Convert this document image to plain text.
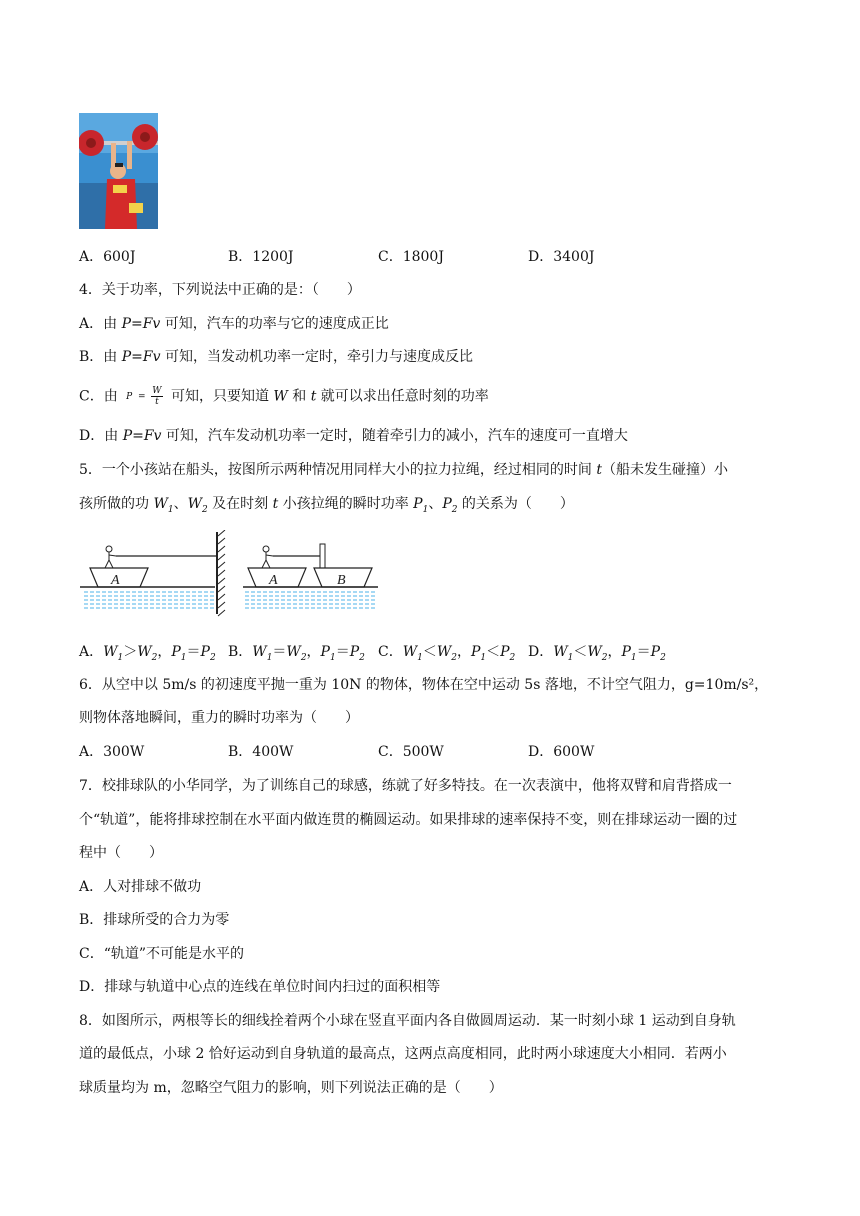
A．600J	B．1200J	C．1800J	D．3400J
4．关于功率，下列说法中正确的是：（　　）
A．由 P=Fv 可知，汽车的功率与它的速度成正比
B．由 P=Fv 可知，当发动机功率一定时，牵引力与速度成反比
C．由 $P = \frac{W}{t}$ 可知，只要知道 W 和 t 就可以求出任意时刻的功率
D．由 P=Fv 可知，汽车发动机功率一定时，随着牵引力的减小，汽车的速度可一直增大
5．一个小孩站在船头，按图所示两种情况用同样大小的拉力拉绳，经过相同的时间 t（船未发生碰撞）小
孩所做的功 $W_1$、$W_2$ 及在时刻 t 小孩拉绳的瞬时功率 $P_1$、$P_2$ 的关系为（　　）
A	A	B
A．$W_1>W_2$，$P_1=P_2$ B．$W_1=W_2$，$P_1=P_2$ C．$W_1<W_2$，$P_1<P_2$ D．$W_1<W_2$，$P_1=P_2$
6．从空中以 5m/s 的初速度平抛一重为 10N 的物体，物体在空中运动 5s 落地，不计空气阻力，g=10m/s²，
则物体落地瞬间，重力的瞬时功率为（　　）
A．300W	B．400W	C．500W	D．600W
7．校排球队的小华同学，为了训练自己的球感，练就了好多特技。在一次表演中，他将双臂和肩背搭成一
个“轨道”，能将排球控制在水平面内做连贯的椭圆运动。如果排球的速率保持不变，则在排球运动一圈的过
程中（　　）
A．人对排球不做功
B．排球所受的合力为零
C．“轨道”不可能是水平的
D．排球与轨道中心点的连线在单位时间内扫过的面积相等
8．如图所示，两根等长的细线拴着两个小球在竖直平面内各自做圆周运动．某一时刻小球 1 运动到自身轨
道的最低点，小球 2 恰好运动到自身轨道的最高点，这两点高度相同，此时两小球速度大小相同．若两小
球质量均为 m，忽略空气阻力的影响，则下列说法正确的是（　　）
